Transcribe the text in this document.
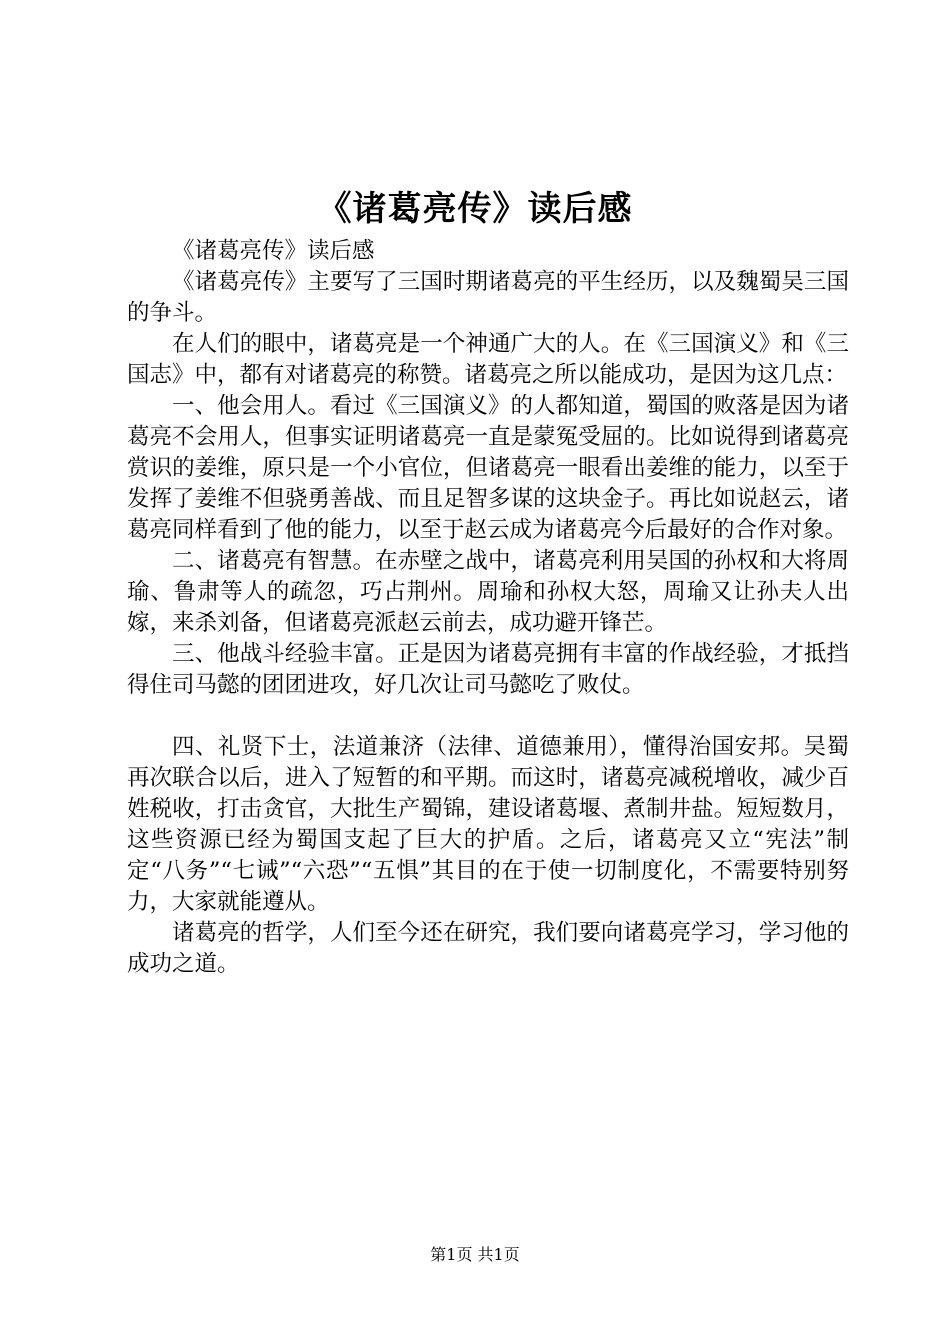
《诸葛亮传》读后感

《诸葛亮传》读后感

《诸葛亮传》主要写了三国时期诸葛亮的平生经历，以及魏蜀吴三国的争斗。

在人们的眼中，诸葛亮是一个神通广大的人。在《三国演义》和《三国志》中，都有对诸葛亮的称赞。诸葛亮之所以能成功，是因为这几点：

一、他会用人。看过《三国演义》的人都知道，蜀国的败落是因为诸葛亮不会用人，但事实证明诸葛亮一直是蒙冤受屈的。比如说得到诸葛亮赏识的姜维，原只是一个小官位，但诸葛亮一眼看出姜维的能力，以至于发挥了姜维不但骁勇善战、而且足智多谋的这块金子。再比如说赵云，诸葛亮同样看到了他的能力，以至于赵云成为诸葛亮今后最好的合作对象。

二、诸葛亮有智慧。在赤壁之战中，诸葛亮利用吴国的孙权和大将周瑜、鲁肃等人的疏忽，巧占荆州。周瑜和孙权大怒，周瑜又让孙夫人出嫁，来杀刘备，但诸葛亮派赵云前去，成功避开锋芒。

三、他战斗经验丰富。正是因为诸葛亮拥有丰富的作战经验，才抵挡得住司马懿的团团进攻，好几次让司马懿吃了败仗。

四、礼贤下士，法道兼济（法律、道德兼用），懂得治国安邦。吴蜀再次联合以后，进入了短暂的和平期。而这时，诸葛亮减税增收，减少百姓税收，打击贪官，大批生产蜀锦，建设诸葛堰、煮制井盐。短短数月，这些资源已经为蜀国支起了巨大的护盾。之后，诸葛亮又立“宪法”制定“八务”“七诫”“六恐”“五惧”其目的在于使一切制度化，不需要特别努力，大家就能遵从。

诸葛亮的哲学，人们至今还在研究，我们要向诸葛亮学习，学习他的成功之道。

第1页 共1页
